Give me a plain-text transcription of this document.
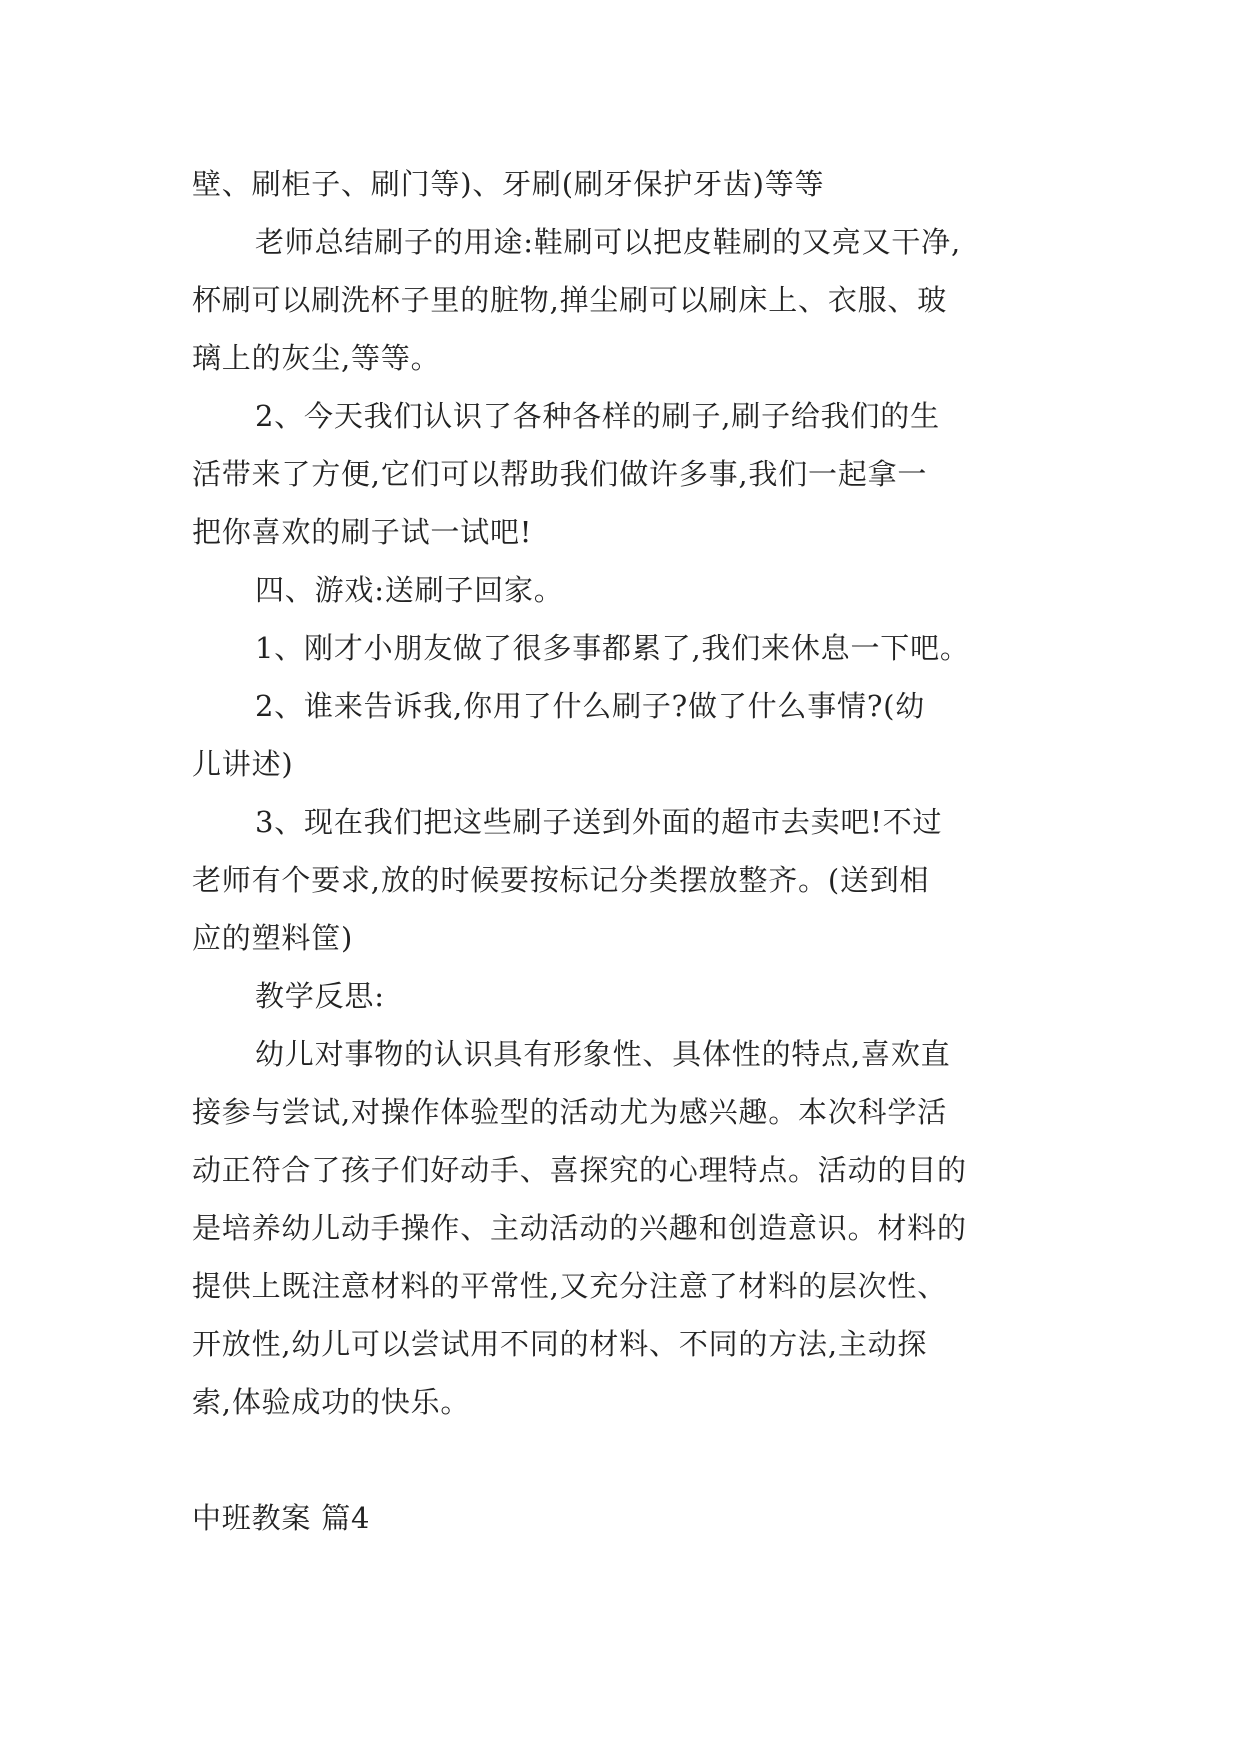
壁、刷柜子、刷门等)、牙刷(刷牙保护牙齿)等等
老师总结刷子的用途:鞋刷可以把皮鞋刷的又亮又干净,
杯刷可以刷洗杯子里的脏物,掸尘刷可以刷床上、衣服、玻
璃上的灰尘,等等。
2、今天我们认识了各种各样的刷子,刷子给我们的生
活带来了方便,它们可以帮助我们做许多事,我们一起拿一
把你喜欢的刷子试一试吧!
四、游戏:送刷子回家。
1、刚才小朋友做了很多事都累了,我们来休息一下吧。
2、谁来告诉我,你用了什么刷子?做了什么事情?(幼
儿讲述)
3、现在我们把这些刷子送到外面的超市去卖吧!不过
老师有个要求,放的时候要按标记分类摆放整齐。(送到相
应的塑料筐)
教学反思:
幼儿对事物的认识具有形象性、具体性的特点,喜欢直
接参与尝试,对操作体验型的活动尤为感兴趣。本次科学活
动正符合了孩子们好动手、喜探究的心理特点。活动的目的
是培养幼儿动手操作、主动活动的兴趣和创造意识。材料的
提供上既注意材料的平常性,又充分注意了材料的层次性、
开放性,幼儿可以尝试用不同的材料、不同的方法,主动探
索,体验成功的快乐。
中班教案 篇4
